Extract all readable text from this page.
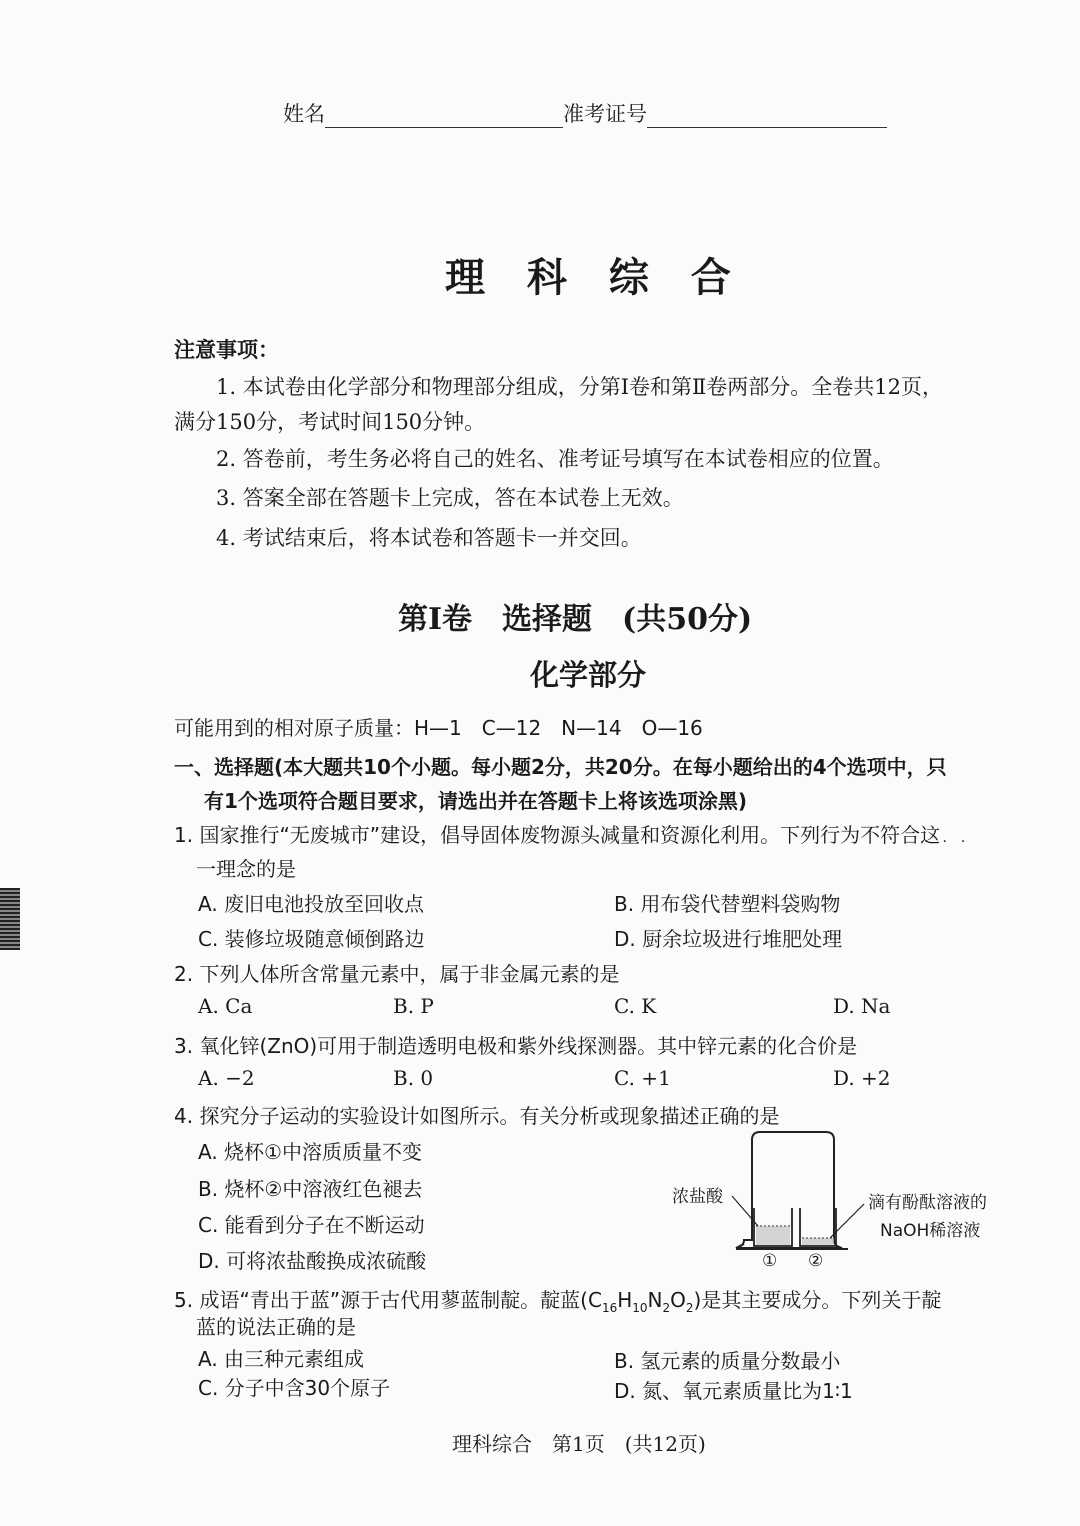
姓名	准考证号
理 科 综 合
注意事项：
1. 本试卷由化学部分和物理部分组成，分第Ⅰ卷和第Ⅱ卷两部分。全卷共12页，
满分150分，考试时间150分钟。
2. 答卷前，考生务必将自己的姓名、准考证号填写在本试卷相应的位置。
3. 答案全部在答题卡上完成，答在本试卷上无效。
4. 考试结束后，将本试卷和答题卡一并交回。
第Ⅰ卷　选择题　(共50分)
化学部分
可能用到的相对原子质量：H—1　C—12　N—14　O—16
一、选择题(本大题共10个小题。每小题2分，共20分。在每小题给出的4个选项中，只
有1个选项符合题目要求，请选出并在答题卡上将该选项涂黑)
1. 国家推行“无废城市”建设，倡导固体废物源头减量和资源化利用。下列行为不符合这
···
一理念的是
A. 废旧电池投放至回收点	B. 用布袋代替塑料袋购物
C. 装修垃圾随意倾倒路边	D. 厨余垃圾进行堆肥处理
2. 下列人体所含常量元素中，属于非金属元素的是
A. Ca	B. P	C. K	D. Na
3. 氧化锌(ZnO)可用于制造透明电极和紫外线探测器。其中锌元素的化合价是
A. −2	B. 0	C. +1	D. +2
4. 探究分子运动的实验设计如图所示。有关分析或现象描述正确的是
A. 烧杯①中溶质质量不变
B. 烧杯②中溶液红色褪去
C. 能看到分子在不断运动
D. 可将浓盐酸换成浓硫酸
浓盐酸	滴有酚酞溶液的
NaOH稀溶液
① ②
5. 成语“青出于蓝”源于古代用蓼蓝制靛。靛蓝$(C_{16}H_{10}N_2O_2)$是其主要成分。下列关于靛
蓝的说法正确的是
A. 由三种元素组成	B. 氢元素的质量分数最小
C. 分子中含30个原子	D. 氮、氧元素质量比为1∶1
理科综合　第1页　(共12页)
